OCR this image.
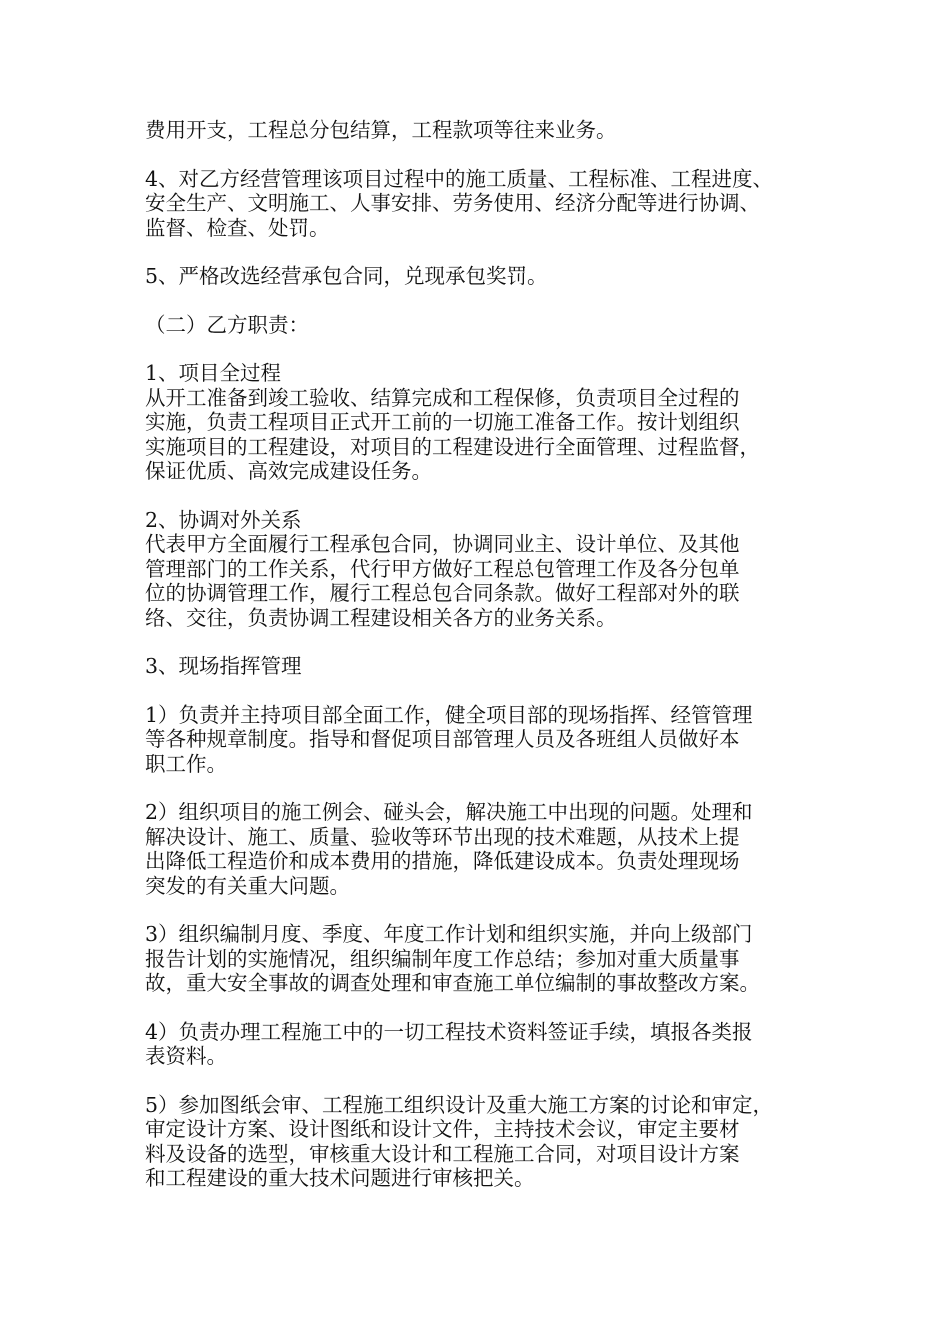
费用开支，工程总分包结算，工程款项等往来业务。

4、对乙方经营管理该项目过程中的施工质量、工程标准、工程进度、
安全生产、文明施工、人事安排、劳务使用、经济分配等进行协调、
监督、检查、处罚。

5、严格改选经营承包合同，兑现承包奖罚。

（二）乙方职责：

1、项目全过程
从开工准备到竣工验收、结算完成和工程保修，负责项目全过程的
实施，负责工程项目正式开工前的一切施工准备工作。按计划组织
实施项目的工程建设，对项目的工程建设进行全面管理、过程监督，
保证优质、高效完成建设任务。

2、协调对外关系
代表甲方全面履行工程承包合同，协调同业主、设计单位、及其他
管理部门的工作关系，代行甲方做好工程总包管理工作及各分包单
位的协调管理工作，履行工程总包合同条款。做好工程部对外的联
络、交往，负责协调工程建设相关各方的业务关系。

3、现场指挥管理

1）负责并主持项目部全面工作，健全项目部的现场指挥、经管管理
等各种规章制度。指导和督促项目部管理人员及各班组人员做好本
职工作。

2）组织项目的施工例会、碰头会，解决施工中出现的问题。处理和
解决设计、施工、质量、验收等环节出现的技术难题，从技术上提
出降低工程造价和成本费用的措施，降低建设成本。负责处理现场
突发的有关重大问题。

3）组织编制月度、季度、年度工作计划和组织实施，并向上级部门
报告计划的实施情况，组织编制年度工作总结；参加对重大质量事
故，重大安全事故的调查处理和审查施工单位编制的事故整改方案。

4）负责办理工程施工中的一切工程技术资料签证手续，填报各类报
表资料。

5）参加图纸会审、工程施工组织设计及重大施工方案的讨论和审定，
审定设计方案、设计图纸和设计文件，主持技术会议，审定主要材
料及设备的选型，审核重大设计和工程施工合同，对项目设计方案
和工程建设的重大技术问题进行审核把关。
